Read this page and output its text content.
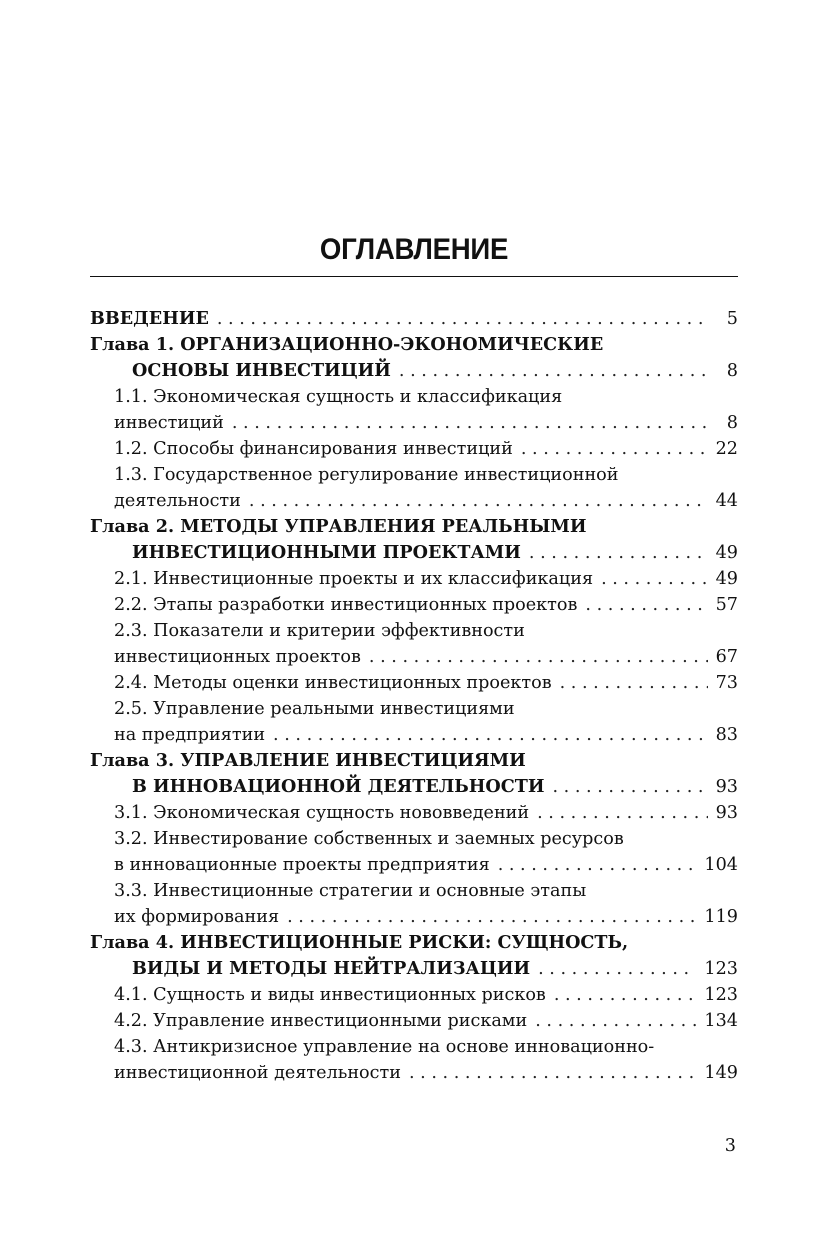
ОГЛАВЛЕНИЕ
ВВЕДЕНИЕ . . .	5
Глава 1. ОРГАНИЗАЦИОННО-ЭКОНОМИЧЕСКИЕ
ОСНОВЫ ИНВЕСТИЦИЙ . . .	8
1.1. Экономическая сущность и классификация
инвестиций . . .	8
1.2. Способы финансирования инвестиций . . .	22
1.3. Государственное регулирование инвестиционной
деятельности . . .	44
Глава 2. МЕТОДЫ УПРАВЛЕНИЯ РЕАЛЬНЫМИ
ИНВЕСТИЦИОННЫМИ ПРОЕКТАМИ . . .	49
2.1. Инвестиционные проекты и их классификация . . .	49
2.2. Этапы разработки инвестиционных проектов . . .	57
2.3. Показатели и критерии эффективности
инвестиционных проектов . . .	67
2.4. Методы оценки инвестиционных проектов . . .	73
2.5. Управление реальными инвестициями
на предприятии . . .	83
Глава 3. УПРАВЛЕНИЕ ИНВЕСТИЦИЯМИ
В ИННОВАЦИОННОЙ ДЕЯТЕЛЬНОСТИ . . .	93
3.1. Экономическая сущность нововведений . . .	93
3.2. Инвестирование собственных и заемных ресурсов
в инновационные проекты предприятия . . .	104
3.3. Инвестиционные стратегии и основные этапы
их формирования . . .	119
Глава 4. ИНВЕСТИЦИОННЫЕ РИСКИ: СУЩНОСТЬ,
ВИДЫ И МЕТОДЫ НЕЙТРАЛИЗАЦИИ . . .	123
4.1. Сущность и виды инвестиционных рисков . . .	123
4.2. Управление инвестиционными рисками . . .	134
4.3. Антикризисное управление на основе инновационно-
инвестиционной деятельности . . .	149
3
